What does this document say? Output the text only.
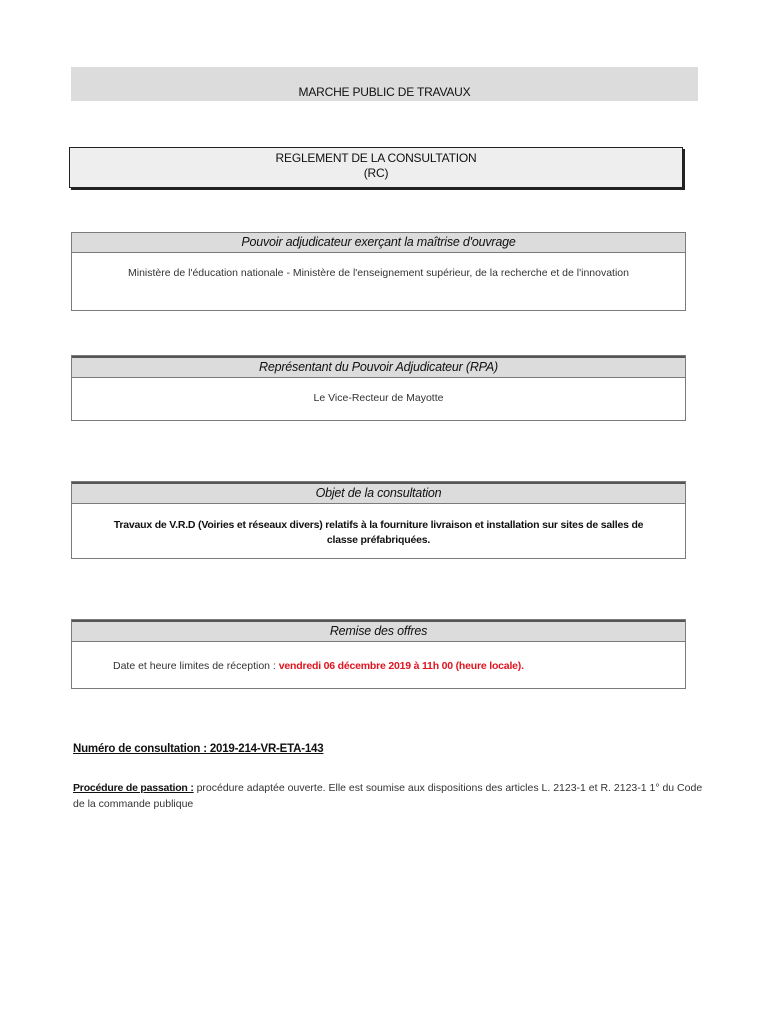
MARCHE PUBLIC DE TRAVAUX
REGLEMENT DE LA CONSULTATION
(RC)
Pouvoir adjudicateur exerçant la maîtrise d'ouvrage
Ministère de l'éducation nationale - Ministère de l'enseignement supérieur, de la recherche et de l'innovation
Représentant du Pouvoir Adjudicateur (RPA)
Le Vice-Recteur de Mayotte
Objet de la consultation
Travaux de V.R.D (Voiries et réseaux divers) relatifs à la fourniture livraison et installation sur sites de salles de classe préfabriquées.
Remise des offres
Date et heure limites de réception : vendredi 06 décembre 2019 à 11h 00 (heure locale).
Numéro de consultation : 2019-214-VR-ETA-143
Procédure de passation : procédure adaptée ouverte. Elle est soumise aux dispositions des articles L. 2123-1 et R. 2123-1 1° du Code de la commande publique
